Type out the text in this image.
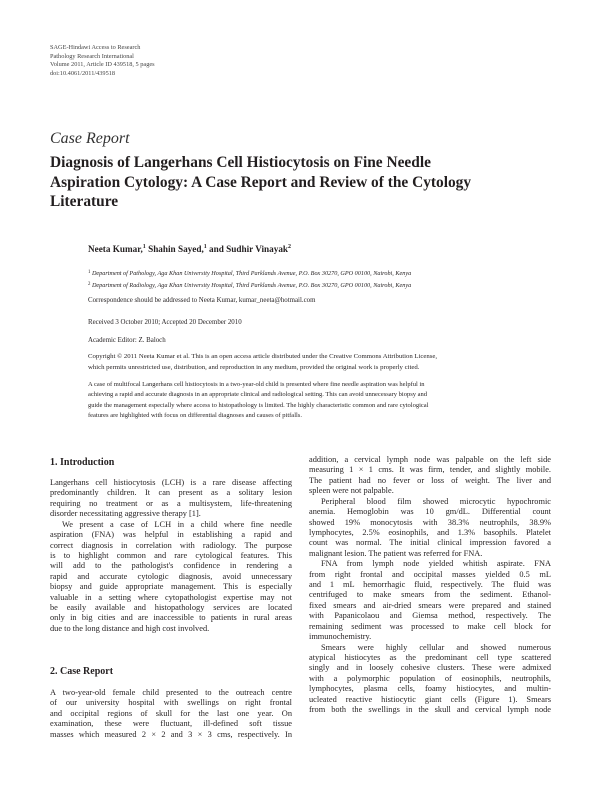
SAGE-Hindawi Access to Research
Pathology Research International
Volume 2011, Article ID 439518, 5 pages
doi:10.4061/2011/439518
Case Report
Diagnosis of Langerhans Cell Histiocytosis on Fine Needle
Aspiration Cytology: A Case Report and Review of the Cytology
Literature
Neeta Kumar,$^1$ Shahin Sayed,$^1$ and Sudhir Vinayak$^2$
$^1$ Department of Pathology, Aga Khan University Hospital, Third Parklands Avenue, P.O. Box 30270, GPO 00100, Nairobi, Kenya
$^2$ Department of Radiology, Aga Khan University Hospital, Third Parklands Avenue, P.O. Box 30270, GPO 00100, Nairobi, Kenya
Correspondence should be addressed to Neeta Kumar, kumar_neeta@hotmail.com
Received 3 October 2010; Accepted 20 December 2010
Academic Editor: Z. Baloch
Copyright © 2011 Neeta Kumar et al. This is an open access article distributed under the Creative Commons Attribution License,
which permits unrestricted use, distribution, and reproduction in any medium, provided the original work is properly cited.
A case of multifocal Langerhans cell histiocytosis in a two-year-old child is presented where fine needle aspiration was helpful in
achieving a rapid and accurate diagnosis in an appropriate clinical and radiological setting. This can avoid unnecessary biopsy and
guide the management especially where access to histopathology is limited. The highly characteristic common and rare cytological
features are highlighted with focus on differential diagnoses and causes of pitfalls.
1. Introduction
Langerhans cell histiocytosis (LCH) is a rare disease affecting
predominantly children. It can present as a solitary lesion
requiring no treatment or as a multisystem, life-threatening
disorder necessitating aggressive therapy [1].
We present a case of LCH in a child where fine needle
aspiration (FNA) was helpful in establishing a rapid and
correct diagnosis in correlation with radiology. The purpose
is to highlight common and rare cytological features. This
will add to the pathologist's confidence in rendering a
rapid and accurate cytologic diagnosis, avoid unnecessary
biopsy and guide appropriate management. This is especially
valuable in a setting where cytopathologist expertise may not
be easily available and histopathology services are located
only in big cities and are inaccessible to patients in rural areas
due to the long distance and high cost involved.
2. Case Report
A two-year-old female child presented to the outreach centre
of our university hospital with swellings on right frontal
and occipital regions of skull for the last one year. On
examination, these were fluctuant, ill-defined soft tissue
masses which measured 2 × 2 and 3 × 3 cms, respectively. In
addition, a cervical lymph node was palpable on the left side
measuring 1 × 1 cms. It was firm, tender, and slightly mobile.
The patient had no fever or loss of weight. The liver and
spleen were not palpable.
Peripheral blood film showed microcytic hypochromic
anemia. Hemoglobin was 10 gm/dL. Differential count
showed 19% monocytosis with 38.3% neutrophils, 38.9%
lymphocytes, 2.5% eosinophils, and 1.3% basophils. Platelet
count was normal. The initial clinical impression favored a
malignant lesion. The patient was referred for FNA.
FNA from lymph node yielded whitish aspirate. FNA
from right frontal and occipital masses yielded 0.5 mL
and 1 mL hemorrhagic fluid, respectively. The fluid was
centrifuged to make smears from the sediment. Ethanol-
fixed smears and air-dried smears were prepared and stained
with Papanicolaou and Giemsa method, respectively. The
remaining sediment was processed to make cell block for
immunochemistry.
Smears were highly cellular and showed numerous
atypical histiocytes as the predominant cell type scattered
singly and in loosely cohesive clusters. These were admixed
with a polymorphic population of eosinophils, neutrophils,
lymphocytes, plasma cells, foamy histiocytes, and multin-
ucleated reactive histiocytic giant cells (Figure 1). Smears
from both the swellings in the skull and cervical lymph node
